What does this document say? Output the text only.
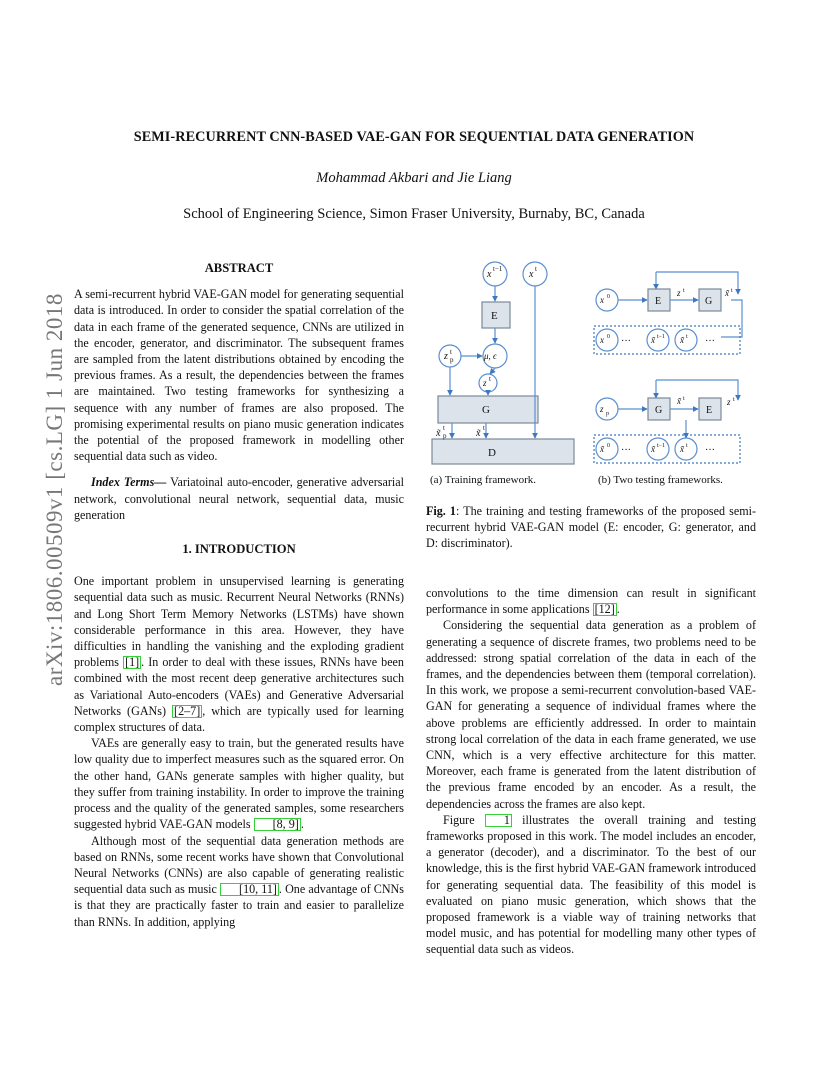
arXiv:1806.00509v1 [cs.LG] 1 Jun 2018
SEMI-RECURRENT CNN-BASED VAE-GAN FOR SEQUENTIAL DATA GENERATION
Mohammad Akbari and Jie Liang
School of Engineering Science, Simon Fraser University, Burnaby, BC, Canada
ABSTRACT

A semi-recurrent hybrid VAE-GAN model for generating sequential data is introduced. In order to consider the spatial correlation of the data in each frame of the generated sequence, CNNs are utilized in the encoder, generator, and discriminator. The subsequent frames are sampled from the latent distributions obtained by encoding the previous frames. As a result, the dependencies between the frames are maintained. Two testing frameworks for synthesizing a sequence with any number of frames are also proposed. The promising experimental results on piano music generation indicates the potential of the proposed framework in modelling other sequential data such as video.

Index Terms— Variatoinal auto-encoder, generative adversarial network, convolutional neural network, sequential data, music generation

1. INTRODUCTION

One important problem in unsupervised learning is generating sequential data such as music. Recurrent Neural Networks (RNNs) and Long Short Term Memory Networks (LSTMs) have shown considerable performance in this area. However, they have difficulties in handling the vanishing and the exploding gradient problems [1] . In order to deal with these issues, RNNs have been combined with the most recent deep generative architectures such as Variational Auto-encoders (VAEs) and Generative Adversarial Networks (GANs) [2–7] , which are typically used for learning complex structures of data.

VAEs are generally easy to train, but the generated results have low quality due to imperfect measures such as the squared error. On the other hand, GANs generate samples with higher quality, but they suffer from training instability. In order to improve the training process and the quality of the generated samples, some researchers suggested hybrid VAE-GAN models [8, 9] .

Although most of the sequential data generation methods are based on RNNs, some recent works have shown that Convolutional Neural Networks (CNNs) are also capable of generating realistic sequential data such as music [10, 11] . One advantage of CNNs is that they are practically faster to train and easier to parallelize than RNNs. In addition, applying

x t−1	x t
E
z t
p	μ, ϵ
z t
G
x̃ t
p	x̃ t
D
x 0	E
z t
G
x̃ t
x 0 ··· x̃ t−1 x̃ t ···
z p
x̃ t
G	E
z t
x̃ 0 ··· x̃ t−1 x̃ t ···
(a) Training framework.	(b) Two testing frameworks.
Fig. 1: The training and testing frameworks of the proposed semi-recurrent hybrid VAE-GAN model (E: encoder, G: generator, and D: discriminator).

convolutions to the time dimension can result in significant performance in some applications [12] .

Considering the sequential data generation as a problem of generating a sequence of discrete frames, two problems need to be addressed: strong spatial correlation of the data in each of the frames, and the dependencies between them (temporal correlation). In this work, we propose a semi-recurrent convolution-based VAE-GAN for generating a sequence of individual frames where the above problems are efficiently addressed. In order to maintain strong local correlation of the data in each frame generated, we use CNN, which is a very effective architecture for this matter. Moreover, each frame is generated from the latent distribution of the previous frame encoded by an encoder. As a result, the dependencies across the frames are also kept.

Figure 1 illustrates the overall training and testing frameworks proposed in this work. The model includes an encoder, a generator (decoder), and a discriminator. To the best of our knowledge, this is the first hybrid VAE-GAN framework introduced for generating sequential data. The feasibility of this model is evaluated on piano music generation, which shows that the proposed framework is a viable way of training networks that model music, and has potential for modelling many other types of sequential data such as videos.
